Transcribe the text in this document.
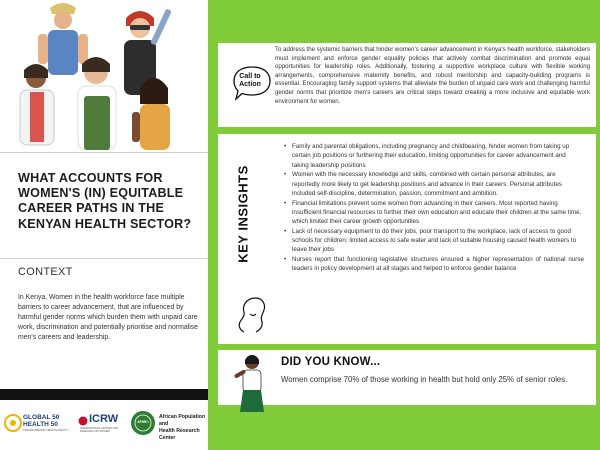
WHAT ACCOUNTS FOR WOMEN'S (IN) EQUITABLE CAREER PATHS IN THE KENYAN HEALTH SECTOR?
CONTEXT
In Kenya, Women in the health workforce face multiple barriers to career advancement, that are influenced by harmful gender norms which burden them with unpaid care work, discrimination and potentially prioritise and normalise men's careers and leadership.
GLOBAL 50
HEALTH 50
TRANSFORMING HEALTH EQUITY
ICRW
INTERNATIONAL CENTER FOR RESEARCH ON WOMEN
APHRC
African Population and
Health Research Center
Call to
Action
To address the systemic barriers that hinder women's career advancement in Kenya's health workforce, stakeholders must implement and enforce gender equality policies that actively combat discrimination and promote equal opportunities for leadership roles. Additionally, fostering a supportive workplace culture with flexible working arrangements, comprehensive maternity benefits, and robust mentorship and capacity-building programs is essential. Encouraging family support systems that alleviate the burden of unpaid care work and challenging harmful gender norms that prioritize men's careers are critical steps toward creating a more inclusive and equitable work environment for women.
KEY INSIGHTS
• Family and parental obligations, including pregnancy and childbearing, hinder women from taking up certain job positions or furthering their education, limiting opportunities for career advancement and taking leadership positions
• Women with the necessary knowledge and skills, combined with certain personal attributes, are reportedly more likely to get leadership positions and advance in their careers. Personal attributes included self-discipline, determination, passion, commitment and ambition.
• Financial limitations prevent some women from advancing in their careers. Most reported having insufficient financial resources to further their own education and educate their children at the same time, which limited their career growth opportunities
• Lack of necessary equipment to do their jobs, poor transport to the workplace, lack of access to good schools for children; limited access to safe water and lack of suitable housing caused health workers to leave their jobs
• Nurses report that functioning legislative structures ensured a higher representation of national nurse leaders in policy development at all stages and helped to enforce gender balance
DID YOU KNOW...
Women comprise 70% of those working in health but hold only 25% of senior roles.
